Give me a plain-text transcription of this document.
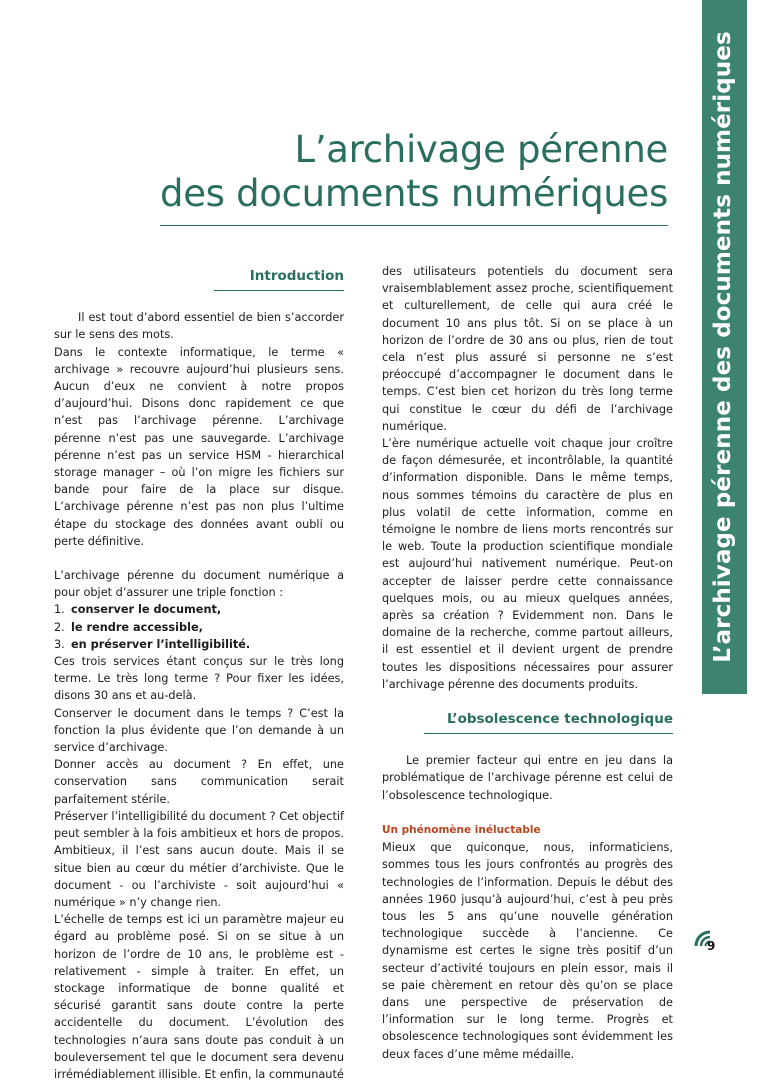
L’archivage pérenne des documents numériques
L’archivage pérenne
des documents numériques
Introduction

Il est tout d’abord essentiel de bien s’accorder sur le sens des mots.

Dans le contexte informatique, le terme « archivage » recouvre aujourd’hui plusieurs sens. Aucun d’eux ne convient à notre propos d’aujourd’hui. Disons donc rapidement ce que n’est pas l’archivage pérenne. L’archivage pérenne n’est pas une sauvegarde. L’archivage pérenne n’est pas un service HSM - hierarchical storage manager – où l’on migre les fichiers sur bande pour faire de la place sur disque. L’archivage pérenne n’est pas non plus l’ultime étape du stockage des données avant oubli ou perte définitive.

L’archivage pérenne du document numérique a pour objet d’assurer une triple fonction :

1. conserver le document,
2. le rendre accessible,
3. en préserver l’intelligibilité.

Ces trois services étant conçus sur le très long terme. Le très long terme ? Pour fixer les idées, disons 30 ans et au-delà.

Conserver le document dans le temps ? C’est la fonction la plus évidente que l’on demande à un service d’archivage.

Donner accès au document ? En effet, une conservation sans communication serait parfaitement stérile.

Préserver l’intelligibilité du document ? Cet objectif peut sembler à la fois ambitieux et hors de propos. Ambitieux, il l’est sans aucun doute. Mais il se situe bien au cœur du métier d’archiviste. Que le document - ou l’archiviste - soit aujourd’hui « numérique » n’y change rien.

L’échelle de temps est ici un paramètre majeur eu égard au problème posé. Si on se situe à un horizon de l’ordre de 10 ans, le problème est - relativement - simple à traiter. En effet, un stockage informatique de bonne qualité et sécurisé garantit sans doute contre la perte accidentelle du document. L’évolution des technologies n’aura sans doute pas conduit à un bouleversement tel que le document sera devenu irrémédiablement illisible. Et enfin, la communauté

des utilisateurs potentiels du document sera vraisemblablement assez proche, scientifiquement et culturellement, de celle qui aura créé le document 10 ans plus tôt. Si on se place à un horizon de l’ordre de 30 ans ou plus, rien de tout cela n’est plus assuré si personne ne s’est préoccupé d’accompagner le document dans le temps. C’est bien cet horizon du très long terme qui constitue le cœur du défi de l’archivage numérique.

L’ère numérique actuelle voit chaque jour croître de façon démesurée, et incontrôlable, la quantité d’information disponible. Dans le même temps, nous sommes témoins du caractère de plus en plus volatil de cette information, comme en témoigne le nombre de liens morts rencontrés sur le web. Toute la production scientifique mondiale est aujourd’hui nativement numérique. Peut-on accepter de laisser perdre cette connaissance quelques mois, ou au mieux quelques années, après sa création ? Evidemment non. Dans le domaine de la recherche, comme partout ailleurs, il est essentiel et il devient urgent de prendre toutes les dispositions nécessaires pour assurer l’archivage pérenne des documents produits.

L’obsolescence technologique

Le premier facteur qui entre en jeu dans la problématique de l’archivage pérenne est celui de l’obsolescence technologique.

Un phénomène inéluctable

Mieux que quiconque, nous, informaticiens, sommes tous les jours confrontés au progrès des technologies de l’information. Depuis le début des années 1960 jusqu’à aujourd’hui, c’est à peu près tous les 5 ans qu’une nouvelle génération technologique succède à l’ancienne. Ce dynamisme est certes le signe très positif d’un secteur d’activité toujours en plein essor, mais il se paie chèrement en retour dès qu’on se place dans une perspective de préservation de l’information sur le long terme. Progrès et obsolescence technologiques sont évidemment les deux faces d’une même médaille.

9
